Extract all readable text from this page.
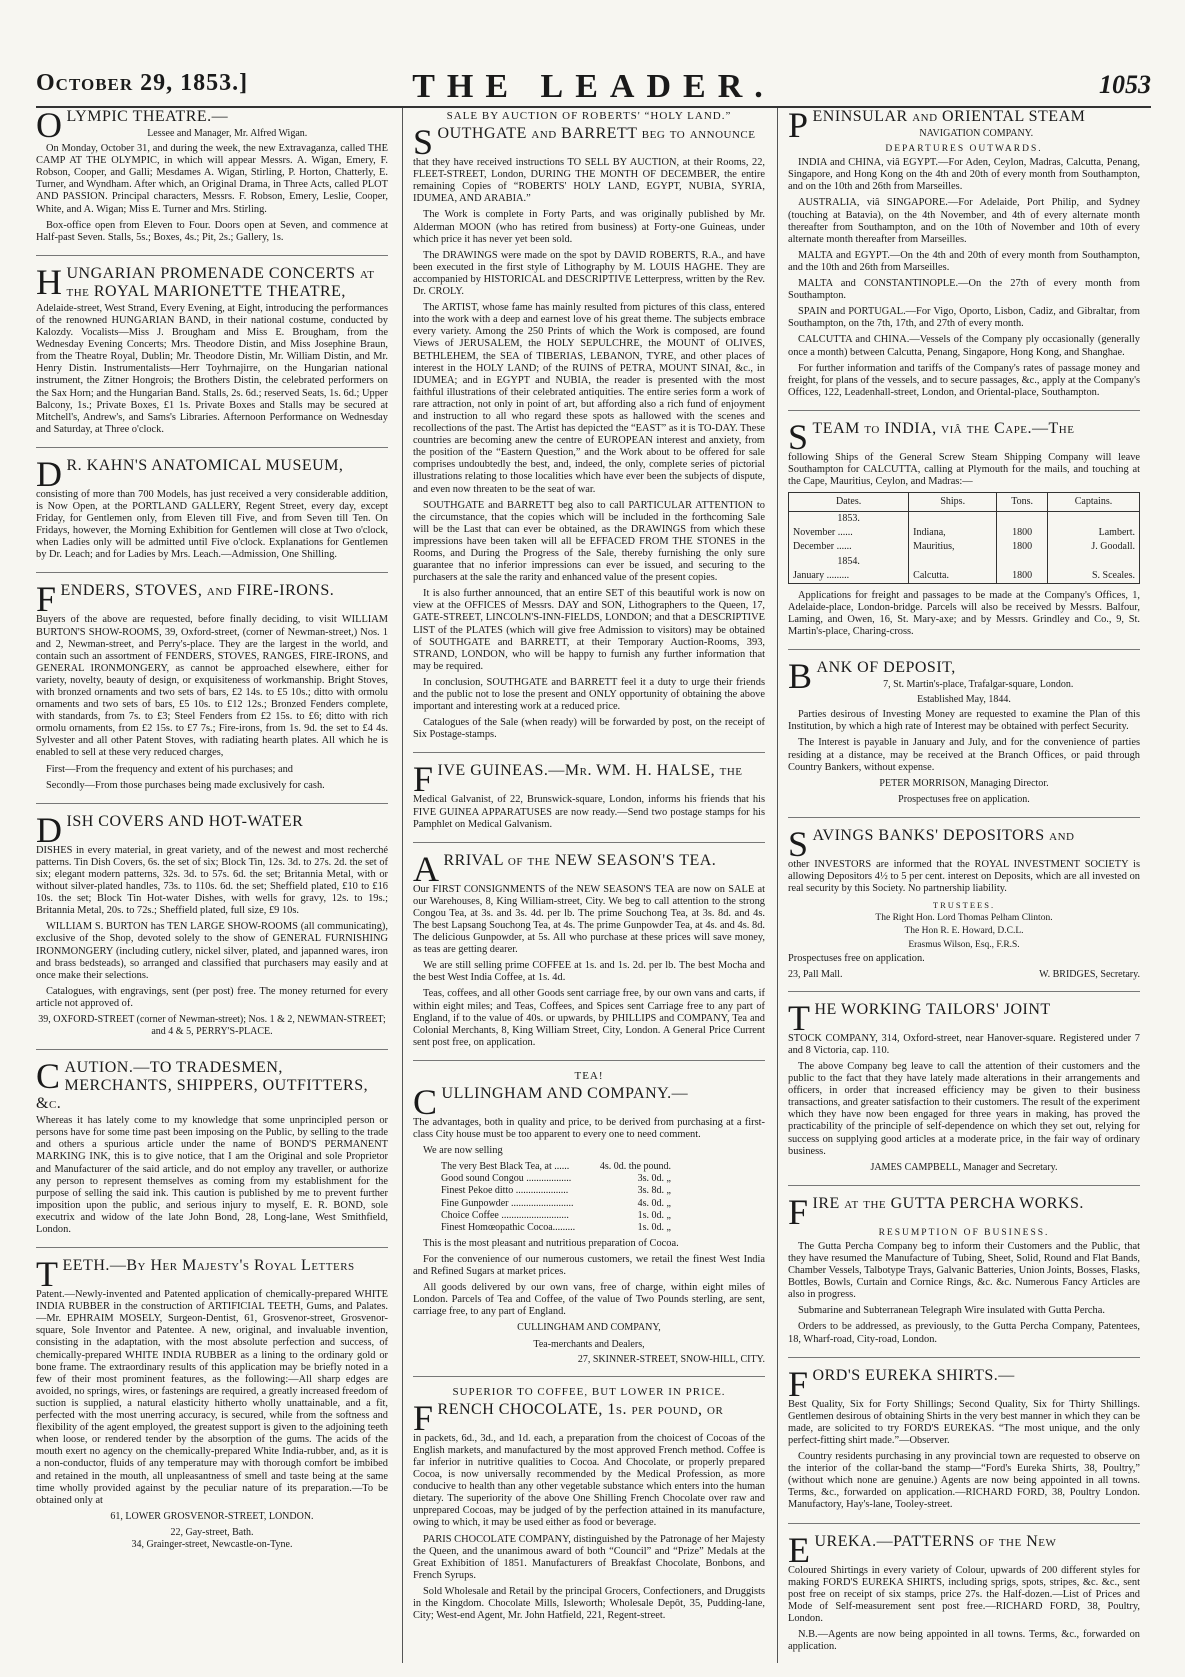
October 29, 1853.]	THE LEADER.	1053
OLYMPIC THEATRE.—
Lessee and Manager, Mr. Alfred Wigan.

On Monday, October 31, and during the week, the new Extravaganza, called THE CAMP AT THE OLYMPIC, in which will appear Messrs. A. Wigan, Emery, F. Robson, Cooper, and Galli; Mesdames A. Wigan, Stirling, P. Horton, Chatterly, E. Turner, and Wyndham. After which, an Original Drama, in Three Acts, called PLOT AND PASSION. Principal characters, Messrs. F. Robson, Emery, Leslie, Cooper, White, and A. Wigan; Miss E. Turner and Mrs. Stirling.

Box-office open from Eleven to Four. Doors open at Seven, and commence at Half-past Seven. Stalls, 5s.; Boxes, 4s.; Pit, 2s.; Gallery, 1s.

HUNGARIAN PROMENADE CONCERTS at the ROYAL MARIONETTE THEATRE,

Adelaide-street, West Strand, Every Evening, at Eight, introducing the performances of the renowned HUNGARIAN BAND, in their national costume, conducted by Kalozdy. Vocalists—Miss J. Brougham and Miss E. Brougham, from the Wednesday Evening Concerts; Mrs. Theodore Distin, and Miss Josephine Braun, from the Theatre Royal, Dublin; Mr. Theodore Distin, Mr. William Distin, and Mr. Henry Distin. Instrumentalists—Herr Toyhrnajirre, on the Hungarian national instrument, the Zitner Hongrois; the Brothers Distin, the celebrated performers on the Sax Horn; and the Hungarian Band. Stalls, 2s. 6d.; reserved Seats, 1s. 6d.; Upper Balcony, 1s.; Private Boxes, £1 1s. Private Boxes and Stalls may be secured at Mitchell's, Andrew's, and Sams's Libraries. Afternoon Performance on Wednesday and Saturday, at Three o'clock.

D R. KAHN'S ANATOMICAL MUSEUM,

consisting of more than 700 Models, has just received a very considerable addition, is Now Open, at the PORTLAND GALLERY, Regent Street, every day, except Friday, for Gentlemen only, from Eleven till Five, and from Seven till Ten. On Fridays, however, the Morning Exhibition for Gentlemen will close at Two o'clock, when Ladies only will be admitted until Five o'clock. Explanations for Gentlemen by Dr. Leach; and for Ladies by Mrs. Leach.—Admission, One Shilling.

FENDERS, STOVES, and FIRE-IRONS.

Buyers of the above are requested, before finally deciding, to visit WILLIAM BURTON'S SHOW-ROOMS, 39, Oxford-street, (corner of Newman-street,) Nos. 1 and 2, Newman-street, and Perry's-place. They are the largest in the world, and contain such an assortment of FENDERS, STOVES, RANGES, FIRE-IRONS, and GENERAL IRONMONGERY, as cannot be approached elsewhere, either for variety, novelty, beauty of design, or exquisiteness of workmanship. Bright Stoves, with bronzed ornaments and two sets of bars, £2 14s. to £5 10s.; ditto with ormolu ornaments and two sets of bars, £5 10s. to £12 12s.; Bronzed Fenders complete, with standards, from 7s. to £3; Steel Fenders from £2 15s. to £6; ditto with rich ormolu ornaments, from £2 15s. to £7 7s.; Fire-irons, from 1s. 9d. the set to £4 4s. Sylvester and all other Patent Stoves, with radiating hearth plates. All which he is enabled to sell at these very reduced charges,

First—From the frequency and extent of his purchases; and

Secondly—From those purchases being made exclusively for cash.

DISH COVERS AND HOT-WATER

DISHES in every material, in great variety, and of the newest and most recherché patterns. Tin Dish Covers, 6s. the set of six; Block Tin, 12s. 3d. to 27s. 2d. the set of six; elegant modern patterns, 32s. 3d. to 57s. 6d. the set; Britannia Metal, with or without silver-plated handles, 73s. to 110s. 6d. the set; Sheffield plated, £10 to £16 10s. the set; Block Tin Hot-water Dishes, with wells for gravy, 12s. to 19s.; Britannia Metal, 20s. to 72s.; Sheffield plated, full size, £9 10s.

WILLIAM S. BURTON has TEN LARGE SHOW-ROOMS (all communicating), exclusive of the Shop, devoted solely to the show of GENERAL FURNISHING IRONMONGERY (including cutlery, nickel silver, plated, and japanned wares, iron and brass bedsteads), so arranged and classified that purchasers may easily and at once make their selections.

Catalogues, with engravings, sent (per post) free. The money returned for every article not approved of.

39, OXFORD-STREET (corner of Newman-street); Nos. 1 & 2, NEWMAN-STREET; and 4 & 5, PERRY'S-PLACE.
CAUTION.—TO TRADESMEN, MERCHANTS, SHIPPERS, OUTFITTERS, &c.

Whereas it has lately come to my knowledge that some unprincipled person or persons have for some time past been imposing on the Public, by selling to the trade and others a spurious article under the name of BOND'S PERMANENT MARKING INK, this is to give notice, that I am the Original and sole Proprietor and Manufacturer of the said article, and do not employ any traveller, or authorize any person to represent themselves as coming from my establishment for the purpose of selling the said ink. This caution is published by me to prevent further imposition upon the public, and serious injury to myself, E. R. BOND, sole executrix and widow of the late John Bond, 28, Long-lane, West Smithfield, London.

TEETH.—By Her Majesty's Royal Letters

Patent.—Newly-invented and Patented application of chemically-prepared WHITE INDIA RUBBER in the construction of ARTIFICIAL TEETH, Gums, and Palates.—Mr. EPHRAIM MOSELY, Surgeon-Dentist, 61, Grosvenor-street, Grosvenor-square, Sole Inventor and Patentee. A new, original, and invaluable invention, consisting in the adaptation, with the most absolute perfection and success, of chemically-prepared WHITE INDIA RUBBER as a lining to the ordinary gold or bone frame. The extraordinary results of this application may be briefly noted in a few of their most prominent features, as the following:—All sharp edges are avoided, no springs, wires, or fastenings are required, a greatly increased freedom of suction is supplied, a natural elasticity hitherto wholly unattainable, and a fit, perfected with the most unerring accuracy, is secured, while from the softness and flexibility of the agent employed, the greatest support is given to the adjoining teeth when loose, or rendered tender by the absorption of the gums. The acids of the mouth exert no agency on the chemically-prepared White India-rubber, and, as it is a non-conductor, fluids of any temperature may with thorough comfort be imbibed and retained in the mouth, all unpleasantness of smell and taste being at the same time wholly provided against by the peculiar nature of its preparation.—To be obtained only at

61, LOWER GROSVENOR-STREET, LONDON.
22, Gay-street, Bath.
34, Grainger-street, Newcastle-on-Tyne.
SALE BY AUCTION OF ROBERTS' “HOLY LAND.”
SOUTHGATE and BARRETT beg to announce

that they have received instructions TO SELL BY AUCTION, at their Rooms, 22, FLEET-STREET, London, DURING THE MONTH OF DECEMBER, the entire remaining Copies of “ROBERTS' HOLY LAND, EGYPT, NUBIA, SYRIA, IDUMEA, AND ARABIA.”

The Work is complete in Forty Parts, and was originally published by Mr. Alderman MOON (who has retired from business) at Forty-one Guineas, under which price it has never yet been sold.

The DRAWINGS were made on the spot by DAVID ROBERTS, R.A., and have been executed in the first style of Lithography by M. LOUIS HAGHE. They are accompanied by HISTORICAL and DESCRIPTIVE Letterpress, written by the Rev. Dr. CROLY.

The ARTIST, whose fame has mainly resulted from pictures of this class, entered into the work with a deep and earnest love of his great theme. The subjects embrace every variety. Among the 250 Prints of which the Work is composed, are found Views of JERUSALEM, the HOLY SEPULCHRE, the MOUNT of OLIVES, BETHLEHEM, the SEA of TIBERIAS, LEBANON, TYRE, and other places of interest in the HOLY LAND; of the RUINS of PETRA, MOUNT SINAI, &c., in IDUMEA; and in EGYPT and NUBIA, the reader is presented with the most faithful illustrations of their celebrated antiquities. The entire series form a work of rare attraction, not only in point of art, but affording also a rich fund of enjoyment and instruction to all who regard these spots as hallowed with the scenes and recollections of the past. The Artist has depicted the “EAST” as it is TO-DAY. These countries are becoming anew the centre of EUROPEAN interest and anxiety, from the position of the “Eastern Question,” and the Work about to be offered for sale comprises undoubtedly the best, and, indeed, the only, complete series of pictorial illustrations relating to those localities which have ever been the subjects of dispute, and even now threaten to be the seat of war.

SOUTHGATE and BARRETT beg also to call PARTICULAR ATTENTION to the circumstance, that the copies which will be included in the forthcoming Sale will be the Last that can ever be obtained, as the DRAWINGS from which these impressions have been taken will all be EFFACED FROM THE STONES in the Rooms, and During the Progress of the Sale, thereby furnishing the only sure guarantee that no inferior impressions can ever be issued, and securing to the purchasers at the sale the rarity and enhanced value of the present copies.

It is also further announced, that an entire SET of this beautiful work is now on view at the OFFICES of Messrs. DAY and SON, Lithographers to the Queen, 17, GATE-STREET, LINCOLN'S-INN-FIELDS, LONDON; and that a DESCRIPTIVE LIST of the PLATES (which will give free Admission to visitors) may be obtained of SOUTHGATE and BARRETT, at their Temporary Auction-Rooms, 393, STRAND, LONDON, who will be happy to furnish any further information that may be required.

In conclusion, SOUTHGATE and BARRETT feel it a duty to urge their friends and the public not to lose the present and ONLY opportunity of obtaining the above important and interesting work at a reduced price.

Catalogues of the Sale (when ready) will be forwarded by post, on the receipt of Six Postage-stamps.

FIVE GUINEAS.—Mr. WM. H. HALSE, the

Medical Galvanist, of 22, Brunswick-square, London, informs his friends that his FIVE GUINEA APPARATUSES are now ready.—Send two postage stamps for his Pamphlet on Medical Galvanism.

ARRIVAL of the NEW SEASON'S TEA.

Our FIRST CONSIGNMENTS of the NEW SEASON'S TEA are now on SALE at our Warehouses, 8, King William-street, City. We beg to call attention to the strong Congou Tea, at 3s. and 3s. 4d. per lb. The prime Souchong Tea, at 3s. 8d. and 4s. The best Lapsang Souchong Tea, at 4s. The prime Gunpowder Tea, at 4s. and 4s. 8d. The delicious Gunpowder, at 5s. All who purchase at these prices will save money, as teas are getting dearer.

We are still selling prime COFFEE at 1s. and 1s. 2d. per lb. The best Mocha and the best West India Coffee, at 1s. 4d.

Teas, coffees, and all other Goods sent carriage free, by our own vans and carts, if within eight miles; and Teas, Coffees, and Spices sent Carriage free to any part of England, if to the value of 40s. or upwards, by PHILLIPS and COMPANY, Tea and Colonial Merchants, 8, King William Street, City, London. A General Price Current sent post free, on application.

TEA!
CULLINGHAM AND COMPANY.—

The advantages, both in quality and price, to be derived from purchasing at a first-class City house must be too apparent to every one to need comment.

We are now selling

The very Best Black Tea, at ......	4s. 0d. the pound.
Good sound Congou ..................	3s. 0d. „
Finest Pekoe ditto .....................	3s. 8d. „
Fine Gunpowder .........................	4s. 0d. „
Choice Coffee ...........................	1s. 0d. „
Finest Homœopathic Cocoa.........	1s. 0d. „

This is the most pleasant and nutritious preparation of Cocoa.

For the convenience of our numerous customers, we retail the finest West India and Refined Sugars at market prices.

All goods delivered by our own vans, free of charge, within eight miles of London. Parcels of Tea and Coffee, of the value of Two Pounds sterling, are sent, carriage free, to any part of England.

CULLINGHAM AND COMPANY,
Tea-merchants and Dealers,
27, SKINNER-STREET, SNOW-HILL, CITY.
SUPERIOR TO COFFEE, BUT LOWER IN PRICE.
FRENCH CHOCOLATE, 1s. per pound, or

in packets, 6d., 3d., and 1d. each, a preparation from the choicest of Cocoas of the English markets, and manufactured by the most approved French method. Coffee is far inferior in nutritive qualities to Cocoa. And Chocolate, or properly prepared Cocoa, is now universally recommended by the Medical Profession, as more conducive to health than any other vegetable substance which enters into the human dietary. The superiority of the above One Shilling French Chocolate over raw and unprepared Cocoas, may be judged of by the perfection attained in its manufacture, owing to which, it may be used either as food or beverage.

PARIS CHOCOLATE COMPANY, distinguished by the Patronage of her Majesty the Queen, and the unanimous award of both “Council” and “Prize” Medals at the Great Exhibition of 1851. Manufacturers of Breakfast Chocolate, Bonbons, and French Syrups.

Sold Wholesale and Retail by the principal Grocers, Confectioners, and Druggists in the Kingdom. Chocolate Mills, Isleworth; Wholesale Depôt, 35, Pudding-lane, City; West-end Agent, Mr. John Hatfield, 221, Regent-street.

PENINSULAR and ORIENTAL STEAM
NAVIGATION COMPANY.
DEPARTURES OUTWARDS.

INDIA and CHINA, viâ EGYPT.—For Aden, Ceylon, Madras, Calcutta, Penang, Singapore, and Hong Kong on the 4th and 20th of every month from Southampton, and on the 10th and 26th from Marseilles.

AUSTRALIA, viâ SINGAPORE.—For Adelaide, Port Philip, and Sydney (touching at Batavia), on the 4th November, and 4th of every alternate month thereafter from Southampton, and on the 10th of November and 10th of every alternate month thereafter from Marseilles.

MALTA and EGYPT.—On the 4th and 20th of every month from Southampton, and the 10th and 26th from Marseilles.

MALTA and CONSTANTINOPLE.—On the 27th of every month from Southampton.

SPAIN and PORTUGAL.—For Vigo, Oporto, Lisbon, Cadiz, and Gibraltar, from Southampton, on the 7th, 17th, and 27th of every month.

CALCUTTA and CHINA.—Vessels of the Company ply occasionally (generally once a month) between Calcutta, Penang, Singapore, Hong Kong, and Shanghae.

For further information and tariffs of the Company's rates of passage money and freight, for plans of the vessels, and to secure passages, &c., apply at the Company's Offices, 122, Leadenhall-street, London, and Oriental-place, Southampton.

STEAM to INDIA, viâ the Cape.—The

following Ships of the General Screw Steam Shipping Company will leave Southampton for CALCUTTA, calling at Plymouth for the mails, and touching at the Cape, Mauritius, Ceylon, and Madras:—

Dates.	Ships.	Tons.	Captains.
1853.			
November ......	Indiana,	1800	Lambert.
December ......	Mauritius,	1800	J. Goodall.
1854.			
January .........	Calcutta.	1800	S. Sceales.

Applications for freight and passages to be made at the Company's Offices, 1, Adelaide-place, London-bridge. Parcels will also be received by Messrs. Balfour, Laming, and Owen, 16, St. Mary-axe; and by Messrs. Grindley and Co., 9, St. Martin's-place, Charing-cross.

BANK OF DEPOSIT,
7, St. Martin's-place, Trafalgar-square, London.
Established May, 1844.

Parties desirous of Investing Money are requested to examine the Plan of this Institution, by which a high rate of Interest may be obtained with perfect Security.

The Interest is payable in January and July, and for the convenience of parties residing at a distance, may be received at the Branch Offices, or paid through Country Bankers, without expense.

PETER MORRISON, Managing Director.
Prospectuses free on application.
SAVINGS BANKS' DEPOSITORS and

other INVESTORS are informed that the ROYAL INVESTMENT SOCIETY is allowing Depositors 4½ to 5 per cent. interest on Deposits, which are all invested on real security by this Society. No partnership liability.

TRUSTEES.
The Right Hon. Lord Thomas Pelham Clinton.
The Hon R. E. Howard, D.C.L.
Erasmus Wilson, Esq., F.R.S.

Prospectuses free on application.

23, Pall Mall.	W. BRIDGES, Secretary.
THE WORKING TAILORS' JOINT

STOCK COMPANY, 314, Oxford-street, near Hanover-square. Registered under 7 and 8 Victoria, cap. 110.

The above Company beg leave to call the attention of their customers and the public to the fact that they have lately made alterations in their arrangements and officers, in order that increased efficiency may be given to their business transactions, and greater satisfaction to their customers. The result of the experiment which they have now been engaged for three years in making, has proved the practicability of the principle of self-dependence on which they set out, relying for success on supplying good articles at a moderate price, in the fair way of ordinary business.

JAMES CAMPBELL, Manager and Secretary.
FIRE at the GUTTA PERCHA WORKS.
RESUMPTION OF BUSINESS.

The Gutta Percha Company beg to inform their Customers and the Public, that they have resumed the Manufacture of Tubing, Sheet, Solid, Round and Flat Bands, Chamber Vessels, Talbotype Trays, Galvanic Batteries, Union Joints, Bosses, Flasks, Bottles, Bowls, Curtain and Cornice Rings, &c. &c. Numerous Fancy Articles are also in progress.

Submarine and Subterranean Telegraph Wire insulated with Gutta Percha.

Orders to be addressed, as previously, to the Gutta Percha Company, Patentees, 18, Wharf-road, City-road, London.

FORD'S EUREKA SHIRTS.—

Best Quality, Six for Forty Shillings; Second Quality, Six for Thirty Shillings. Gentlemen desirous of obtaining Shirts in the very best manner in which they can be made, are solicited to try FORD'S EUREKAS. “The most unique, and the only perfect-fitting shirt made.”—Observer.

Country residents purchasing in any provincial town are requested to observe on the interior of the collar-band the stamp—“Ford's Eureka Shirts, 38, Poultry,” (without which none are genuine.) Agents are now being appointed in all towns. Terms, &c., forwarded on application.—RICHARD FORD, 38, Poultry London. Manufactory, Hay's-lane, Tooley-street.

EUREKA.—PATTERNS of the New

Coloured Shirtings in every variety of Colour, upwards of 200 different styles for making FORD'S EUREKA SHIRTS, including sprigs, spots, stripes, &c. &c., sent post free on receipt of six stamps, price 27s. the Half-dozen.—List of Prices and Mode of Self-measurement sent post free.—RICHARD FORD, 38, Poultry, London.

N.B.—Agents are now being appointed in all towns. Terms, &c., forwarded on application.
